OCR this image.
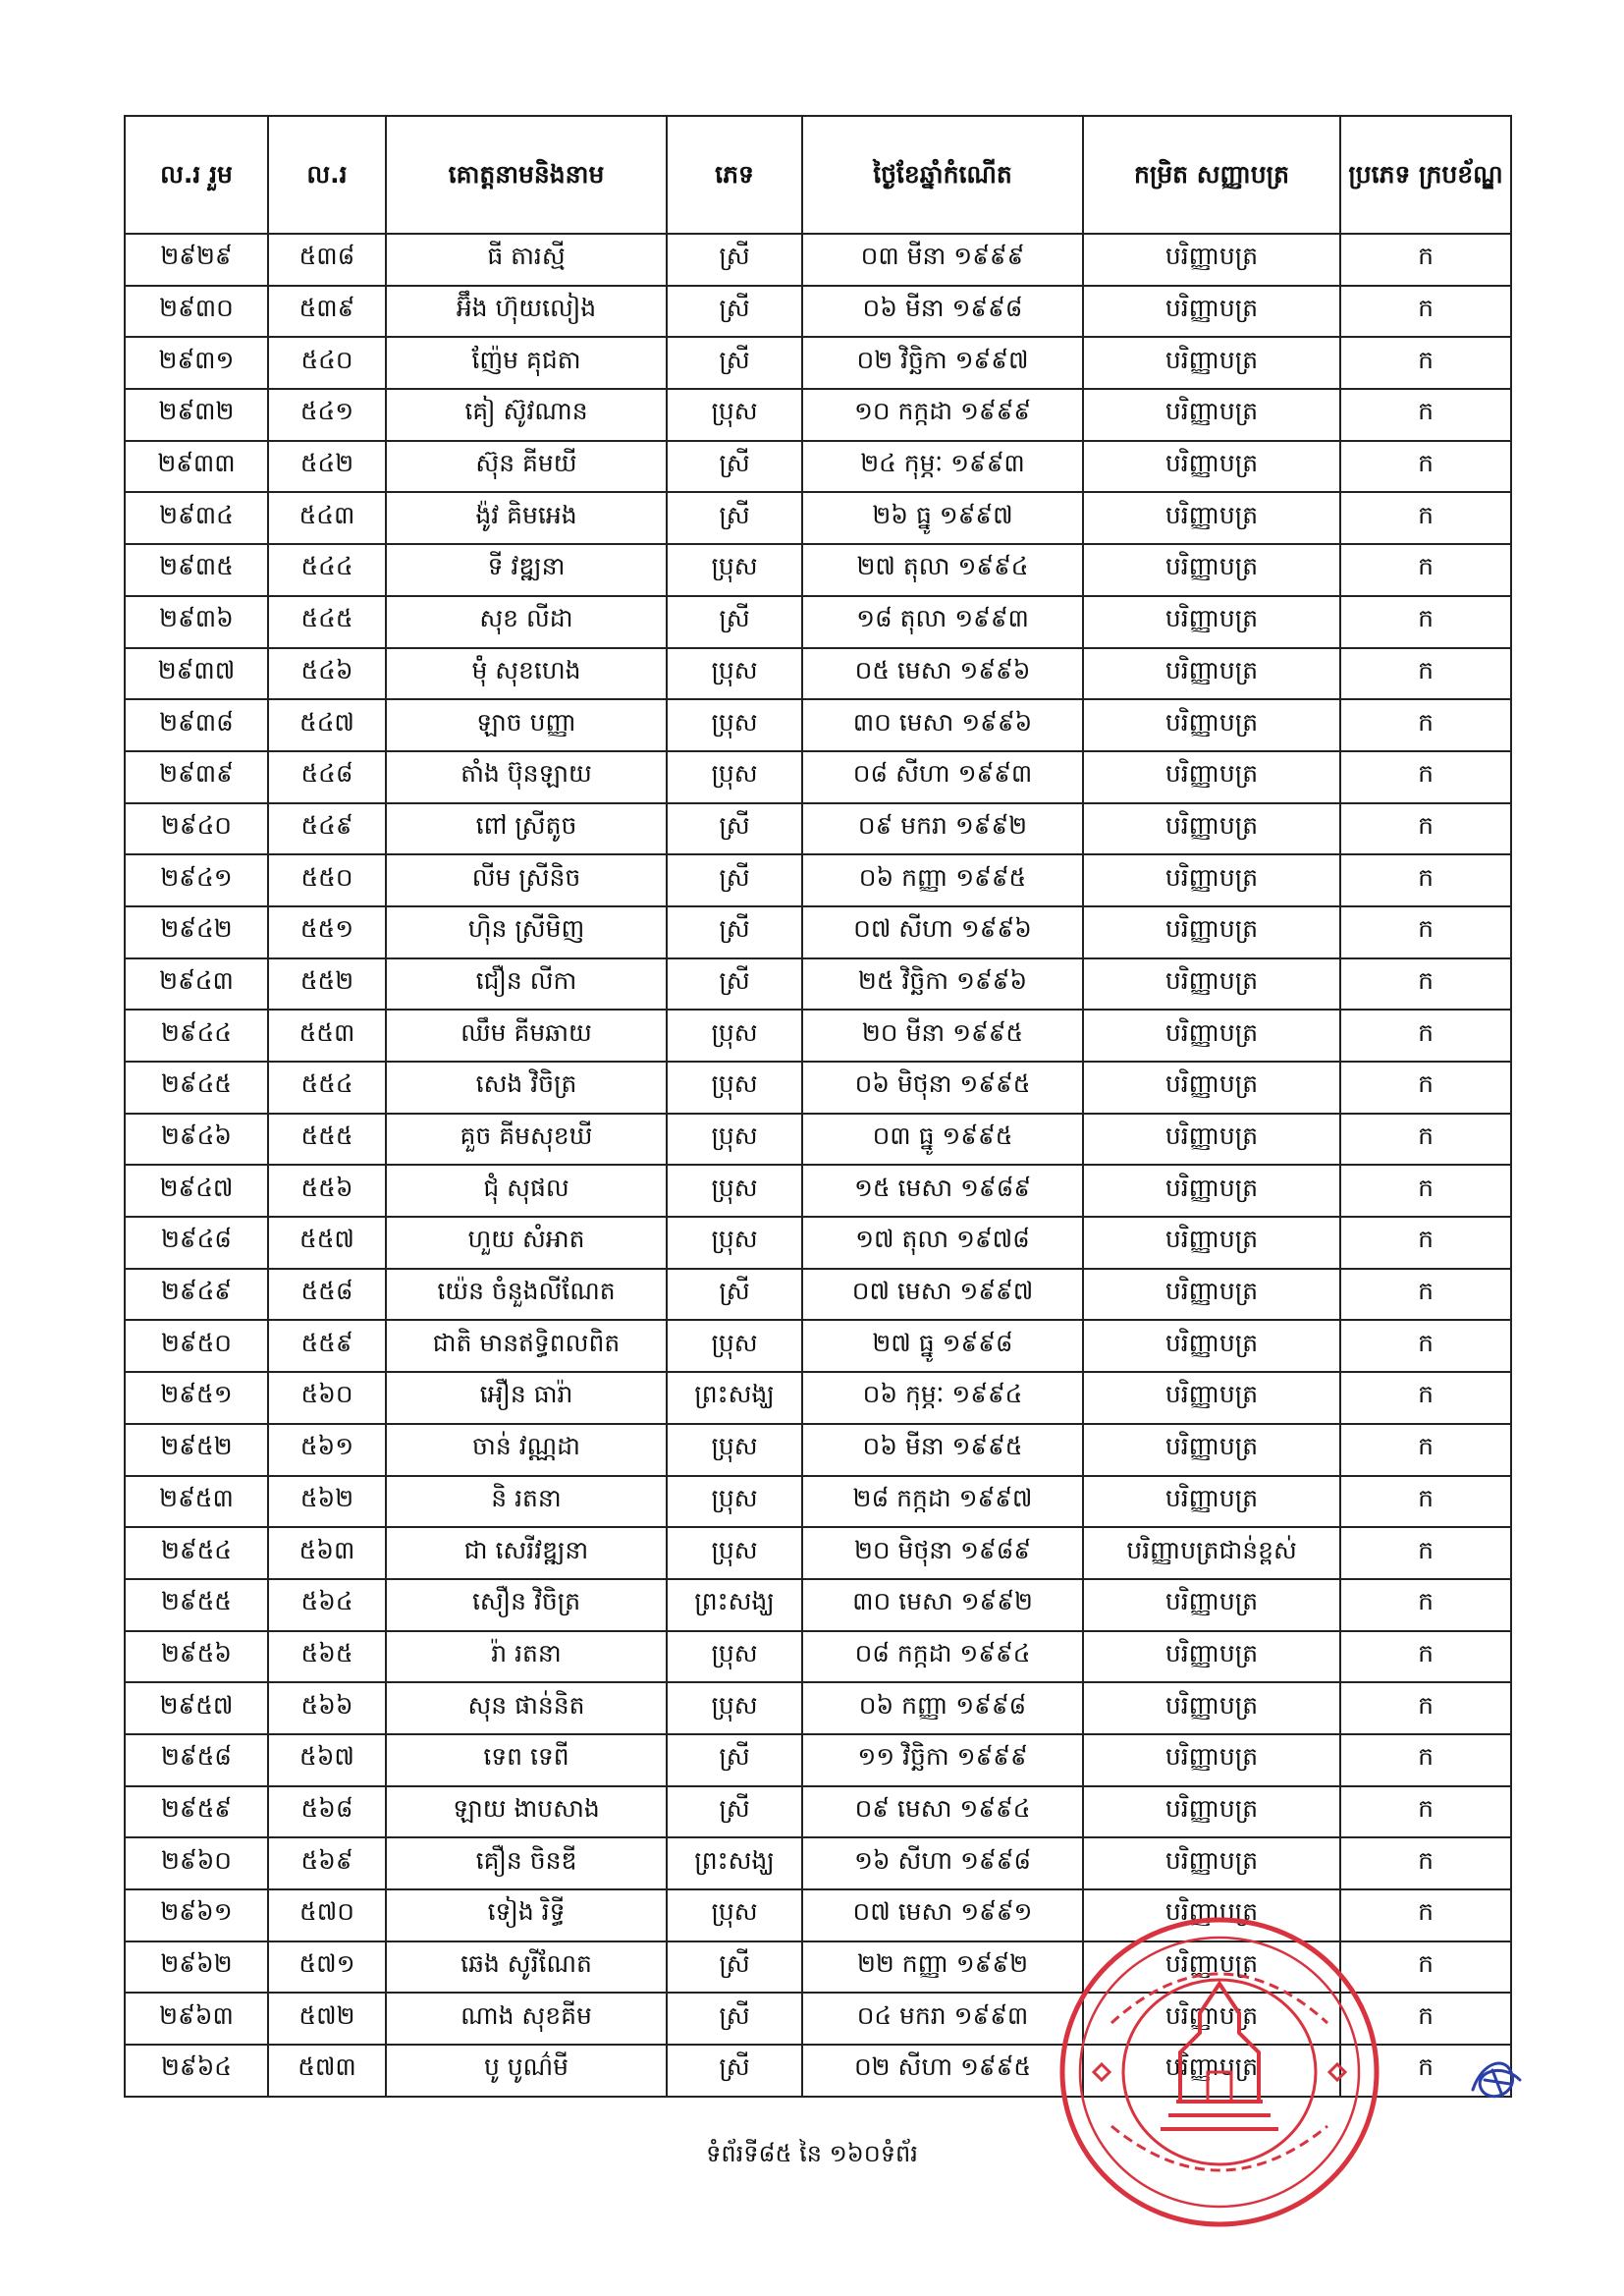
ល.រ រួម	ល.រ	គោត្តនាមនិងនាម	ភេទ	ថ្ងៃខែឆ្នាំកំណើត	កម្រិត សញ្ញាបត្រ	ប្រភេទ ក្របខ័ណ្ឌ
២៩២៩	៥៣៨	ធី តារស្មី	ស្រី	០៣ មីនា ១៩៩៩	បរិញ្ញាបត្រ	ក
២៩៣០	៥៣៩	អ៊ឹង ហ៊ុយលៀង	ស្រី	០៦ មីនា ១៩៩៨	បរិញ្ញាបត្រ	ក
២៩៣១	៥៤០	ញ៉ែម គុជតា	ស្រី	០២ វិច្ឆិកា ១៩៩៧	បរិញ្ញាបត្រ	ក
២៩៣២	៥៤១	គៀ ស៊ូវណាន	ប្រុស	១០ កក្កដា ១៩៩៩	បរិញ្ញាបត្រ	ក
២៩៣៣	៥៤២	ស៊ុន គីមយី	ស្រី	២៤ កុម្ភៈ ១៩៩៣	បរិញ្ញាបត្រ	ក
២៩៣៤	៥៤៣	ង៉ូវ គិមអេង	ស្រី	២៦ ធ្នូ ១៩៩៧	បរិញ្ញាបត្រ	ក
២៩៣៥	៥៤៤	ទី វឌ្ឍនា	ប្រុស	២៧ តុលា ១៩៩៤	បរិញ្ញាបត្រ	ក
២៩៣៦	៥៤៥	សុខ លីដា	ស្រី	១៨ តុលា ១៩៩៣	បរិញ្ញាបត្រ	ក
២៩៣៧	៥៤៦	ម៉ុំ សុខហេង	ប្រុស	០៥ មេសា ១៩៩៦	បរិញ្ញាបត្រ	ក
២៩៣៨	៥៤៧	ឡាច បញ្ញា	ប្រុស	៣០ មេសា ១៩៩៦	បរិញ្ញាបត្រ	ក
២៩៣៩	៥៤៨	តាំង ប៊ុនឡាយ	ប្រុស	០៨ សីហា ១៩៩៣	បរិញ្ញាបត្រ	ក
២៩៤០	៥៤៩	ពៅ ស្រីតូច	ស្រី	០៩ មករា ១៩៩២	បរិញ្ញាបត្រ	ក
២៩៤១	៥៥០	លីម ស្រីនិច	ស្រី	០៦ កញ្ញា ១៩៩៥	បរិញ្ញាបត្រ	ក
២៩៤២	៥៥១	ហ៊ិន ស្រីមិញ	ស្រី	០៧ សីហា ១៩៩៦	បរិញ្ញាបត្រ	ក
២៩៤៣	៥៥២	ជឿន លីកា	ស្រី	២៥ វិច្ឆិកា ១៩៩៦	បរិញ្ញាបត្រ	ក
២៩៤៤	៥៥៣	ឈឹម គីមឆាយ	ប្រុស	២០ មីនា ១៩៩៥	បរិញ្ញាបត្រ	ក
២៩៤៥	៥៥៤	សេង វិចិត្រ	ប្រុស	០៦ មិថុនា ១៩៩៥	បរិញ្ញាបត្រ	ក
២៩៤៦	៥៥៥	គួច គីមសុខឃី	ប្រុស	០៣ ធ្នូ ១៩៩៥	បរិញ្ញាបត្រ	ក
២៩៤៧	៥៥៦	ជុំ សុផល	ប្រុស	១៥ មេសា ១៩៨៩	បរិញ្ញាបត្រ	ក
២៩៤៨	៥៥៧	ហួយ សំអាត	ប្រុស	១៧ តុលា ១៩៧៨	បរិញ្ញាបត្រ	ក
២៩៤៩	៥៥៨	យ៉េន ចំនួងលីណែត	ស្រី	០៧ មេសា ១៩៩៧	បរិញ្ញាបត្រ	ក
២៩៥០	៥៥៩	ជាតិ មានឥទ្ធិពលពិត	ប្រុស	២៧ ធ្នូ ១៩៩៨	បរិញ្ញាបត្រ	ក
២៩៥១	៥៦០	អឿន ធារ៉ា	ព្រះសង្ឃ	០៦ កុម្ភៈ ១៩៩៤	បរិញ្ញាបត្រ	ក
២៩៥២	៥៦១	ចាន់ វណ្ណដា	ប្រុស	០៦ មីនា ១៩៩៥	បរិញ្ញាបត្រ	ក
២៩៥៣	៥៦២	និ រតនា	ប្រុស	២៨ កក្កដា ១៩៩៧	បរិញ្ញាបត្រ	ក
២៩៥៤	៥៦៣	ជា សេរីវឌ្ឍនា	ប្រុស	២០ មិថុនា ១៩៨៩	បរិញ្ញាបត្រជាន់ខ្ពស់	ក
២៩៥៥	៥៦៤	សឿន វិចិត្រ	ព្រះសង្ឃ	៣០ មេសា ១៩៩២	បរិញ្ញាបត្រ	ក
២៩៥៦	៥៦៥	រ៉ា រតនា	ប្រុស	០៨ កក្កដា ១៩៩៤	បរិញ្ញាបត្រ	ក
២៩៥៧	៥៦៦	សុន ផាន់និត	ប្រុស	០៦ កញ្ញា ១៩៩៨	បរិញ្ញាបត្រ	ក
២៩៥៨	៥៦៧	ទេព ទេពី	ស្រី	១១ វិច្ឆិកា ១៩៩៩	បរិញ្ញាបត្រ	ក
២៩៥៩	៥៦៨	ឡាយ ងាបសាង	ស្រី	០៩ មេសា ១៩៩៤	បរិញ្ញាបត្រ	ក
២៩៦០	៥៦៩	គឿន ចិនឌី	ព្រះសង្ឃ	១៦ សីហា ១៩៩៨	បរិញ្ញាបត្រ	ក
២៩៦១	៥៧០	ទៀង រិទ្ធី	ប្រុស	០៧ មេសា ១៩៩១	បរិញ្ញាបត្រ	ក
២៩៦២	៥៧១	ឆេង សូរីណែត	ស្រី	២២ កញ្ញា ១៩៩២	បរិញ្ញាបត្រ	ក
២៩៦៣	៥៧២	ណាង សុខគីម	ស្រី	០៤ មករា ១៩៩៣	បរិញ្ញាបត្រ	ក
២៩៦៤	៥៧៣	បូ បូណ៌មី	ស្រី	០២ សីហា ១៩៩៥	បរិញ្ញាបត្រ	ក
ទំព័រទី៨៥ នៃ ១៦០ទំព័រ
